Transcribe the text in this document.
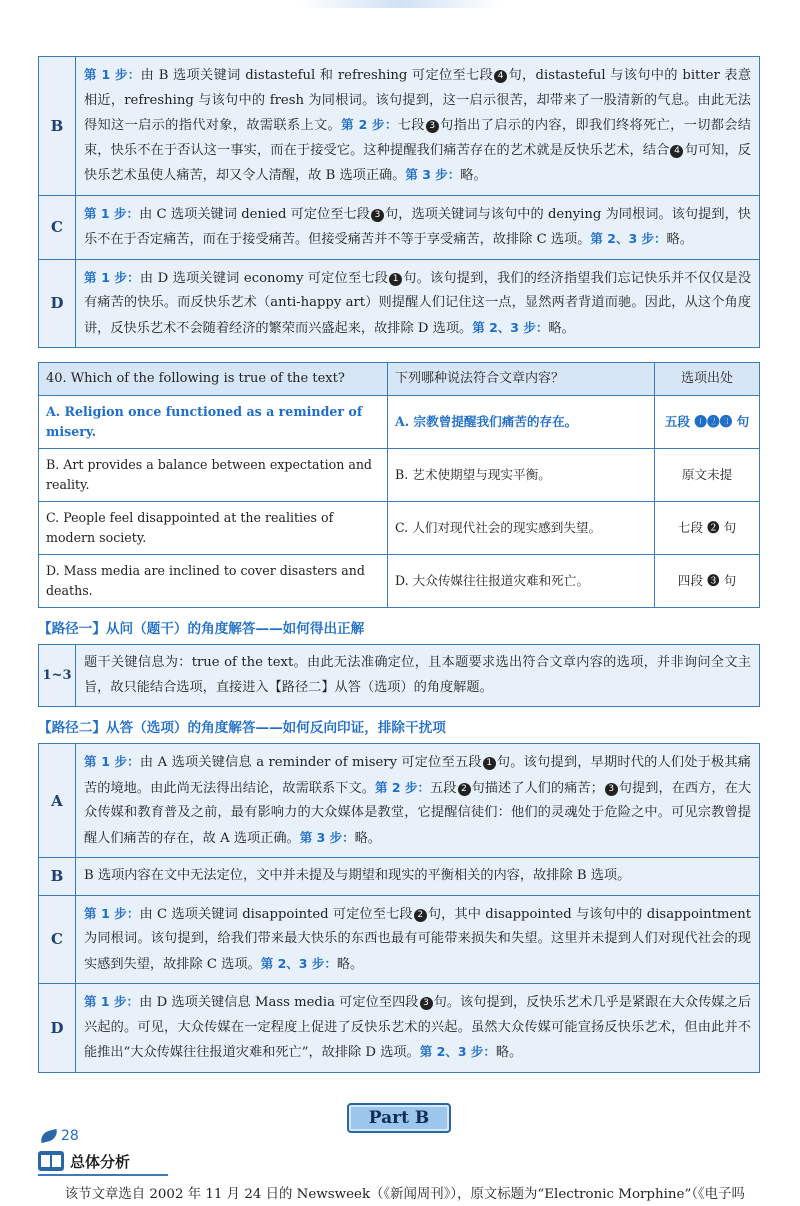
B	第 1 步：由 B 选项关键词 distasteful 和 refreshing 可定位至七段 4 句，distasteful 与该句中的 bitter 表意相近，refreshing 与该句中的 fresh 为同根词。该句提到，这一启示很苦，却带来了一股清新的气息。由此无法得知这一启示的指代对象，故需联系上文。第 2 步：七段 3 句指出了启示的内容，即我们终将死亡，一切都会结束，快乐不在于否认这一事实，而在于接受它。这种提醒我们痛苦存在的艺术就是反快乐艺术，结合 4 句可知，反快乐艺术虽使人痛苦，却又令人清醒，故 B 选项正确。第 3 步：略。
C	第 1 步：由 C 选项关键词 denied 可定位至七段 3 句，选项关键词与该句中的 denying 为同根词。该句提到，快乐不在于否定痛苦，而在于接受痛苦。但接受痛苦并不等于享受痛苦，故排除 C 选项。第 2、3 步：略。
D	第 1 步：由 D 选项关键词 economy 可定位至七段 1 句。该句提到，我们的经济指望我们忘记快乐并不仅仅是没有痛苦的快乐。而反快乐艺术（anti-happy art）则提醒人们记住这一点，显然两者背道而驰。因此，从这个角度讲，反快乐艺术不会随着经济的繁荣而兴盛起来，故排除 D 选项。第 2、3 步：略。
40. Which of the following is true of the text?	下列哪种说法符合文章内容？	选项出处
A. Religion once functioned as a reminder of misery.	A. 宗教曾提醒我们痛苦的存在。	五段 ❶❷❸ 句
B. Art provides a balance between expectation and reality.	B. 艺术使期望与现实平衡。	原文未提
C. People feel disappointed at the realities of modern society.	C. 人们对现代社会的现实感到失望。	七段 ❷ 句
D. Mass media are inclined to cover disasters and deaths.	D. 大众传媒往往报道灾难和死亡。	四段 ❸ 句
【路径一】从问（题干）的角度解答——如何得出正解
1~3	题干关键信息为：true of the text。由此无法准确定位，且本题要求选出符合文章内容的选项，并非询问全文主旨，故只能结合选项，直接进入【路径二】从答（选项）的角度解题。
【路径二】从答（选项）的角度解答——如何反向印证，排除干扰项
A	第 1 步：由 A 选项关键信息 a reminder of misery 可定位至五段 1 句。该句提到，早期时代的人们处于极其痛苦的境地。由此尚无法得出结论，故需联系下文。第 2 步：五段 2 句描述了人们的痛苦； 3 句提到，在西方，在大众传媒和教育普及之前，最有影响力的大众媒体是教堂，它提醒信徒们：他们的灵魂处于危险之中。可见宗教曾提醒人们痛苦的存在，故 A 选项正确。第 3 步：略。
B	B 选项内容在文中无法定位，文中并未提及与期望和现实的平衡相关的内容，故排除 B 选项。
C	第 1 步：由 C 选项关键词 disappointed 可定位至七段 2 句，其中 disappointed 与该句中的 disappointment 为同根词。该句提到，给我们带来最大快乐的东西也最有可能带来损失和失望。这里并未提到人们对现代社会的现实感到失望，故排除 C 选项。第 2、3 步：略。
D	第 1 步：由 D 选项关键信息 Mass media 可定位至四段 3 句。该句提到，反快乐艺术几乎是紧跟在大众传媒之后兴起的。可见，大众传媒在一定程度上促进了反快乐艺术的兴起。虽然大众传媒可能宣扬反快乐艺术，但由此并不能推出“大众传媒往往报道灾难和死亡”，故排除 D 选项。第 2、3 步：略。
Part B
总体分析
该节文章选自 2002 年 11 月 24 日的 Newsweek（《新闻周刊》），原文标题为“Electronic Morphine”（《电子吗
28
